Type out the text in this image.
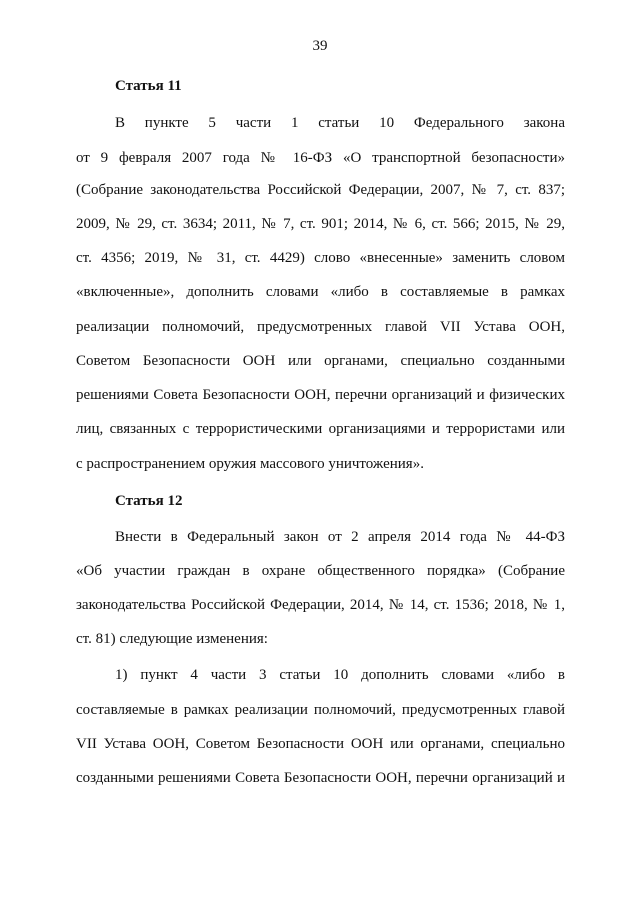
39
Статья 11
В пункте 5 части 1 статьи 10 Федерального закона
от 9 февраля 2007 года № 16-ФЗ «О транспортной безопасности»
(Собрание законодательства Российской Федерации, 2007, № 7, ст. 837;
2009, № 29, ст. 3634; 2011, № 7, ст. 901; 2014, № 6, ст. 566; 2015, № 29,
ст. 4356; 2019, № 31, ст. 4429) слово «внесенные» заменить словом
«включенные», дополнить словами «либо в составляемые в рамках
реализации полномочий, предусмотренных главой VII Устава ООН,
Советом Безопасности ООН или органами, специально созданными
решениями Совета Безопасности ООН, перечни организаций и физических
лиц, связанных с террористическими организациями и террористами или
с распространением оружия массового уничтожения».
Статья 12
Внести в Федеральный закон от 2 апреля 2014 года № 44-ФЗ
«Об участии граждан в охране общественного порядка» (Собрание
законодательства Российской Федерации, 2014, № 14, ст. 1536; 2018, № 1,
ст. 81) следующие изменения:
1) пункт 4 части 3 статьи 10 дополнить словами «либо в
составляемые в рамках реализации полномочий, предусмотренных главой
VII Устава ООН, Советом Безопасности ООН или органами, специально
созданными решениями Совета Безопасности ООН, перечни организаций и
